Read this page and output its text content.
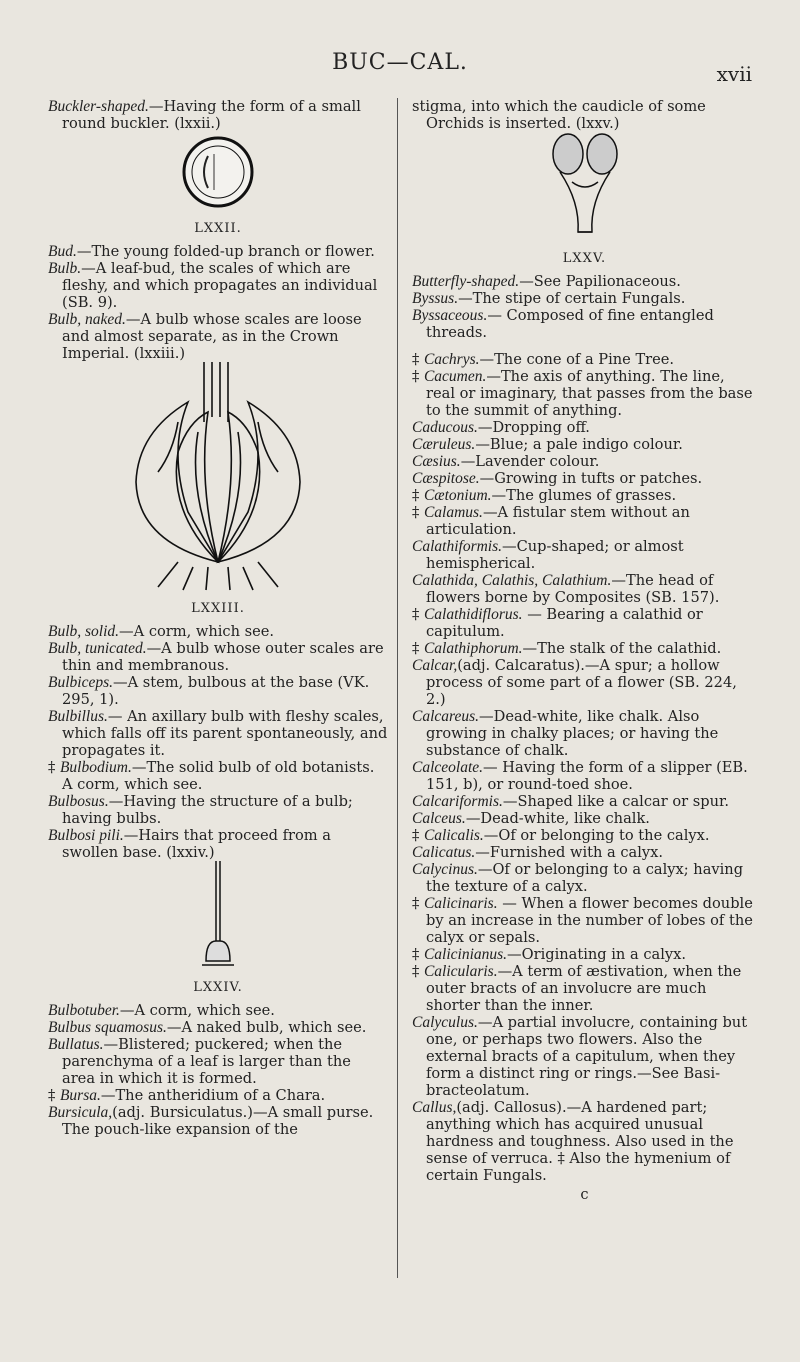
BUC—CAL.	xvii

Buckler-shaped.—Having the form of a small round buckler. (lxxii.)

LXXII.

Bud.—The young folded-up branch or flower.

Bulb.—A leaf-bud, the scales of which are fleshy, and which propagates an individual (SB. 9).

Bulb, naked.—A bulb whose scales are loose and almost separate, as in the Crown Imperial. (lxxiii.)

LXXIII.

Bulb, solid.—A corm, which see.

Bulb, tunicated.—A bulb whose outer scales are thin and membranous.

Bulbiceps.—A stem, bulbous at the base (VK. 295, 1).

Bulbillus.— An axillary bulb with fleshy scales, which falls off its parent spontaneously, and propagates it.

‡ Bulbodium.—The solid bulb of old botanists. A corm, which see.

Bulbosus.—Having the structure of a bulb; having bulbs.

Bulbosi pili.—Hairs that proceed from a swollen base. (lxxiv.)

LXXIV.

Bulbotuber.—A corm, which see.

Bulbus squamosus.—A naked bulb, which see.

Bullatus.—Blistered; puckered; when the parenchyma of a leaf is larger than the area in which it is formed.

‡ Bursa.—The antheridium of a Chara.

Bursicula,(adj. Bursiculatus.)—A small purse. The pouch-like expansion of the

stigma, into which the caudicle of some Orchids is inserted. (lxxv.)

LXXV.

Butterfly-shaped.—See Papilionaceous.

Byssus.—The stipe of certain Fungals.

Byssaceous.— Composed of fine entangled threads.

‡ Cachrys.—The cone of a Pine Tree.

‡ Cacumen.—The axis of anything. The line, real or imaginary, that passes from the base to the summit of anything.

Caducous.—Dropping off.

Cæruleus.—Blue; a pale indigo colour.

Cæsius.—Lavender colour.

Cæspitose.—Growing in tufts or patches.

‡ Cætonium.—The glumes of grasses.

‡ Calamus.—A fistular stem without an articulation.

Calathiformis.—Cup-shaped; or almost hemispherical.

Calathida, Calathis, Calathium.—The head of flowers borne by Composites (SB. 157).

‡ Calathidiflorus. — Bearing a calathid or capitulum.

‡ Calathiphorum.—The stalk of the calathid.

Calcar,(adj. Calcaratus).—A spur; a hollow process of some part of a flower (SB. 224, 2.)

Calcareus.—Dead-white, like chalk. Also growing in chalky places; or having the substance of chalk.

Calceolate.— Having the form of a slipper (EB. 151, b), or round-toed shoe.

Calcariformis.—Shaped like a calcar or spur.

Calceus.—Dead-white, like chalk.

‡ Calicalis.—Of or belonging to the calyx.

Calicatus.—Furnished with a calyx.

Calycinus.—Of or belonging to a calyx; having the texture of a calyx.

‡ Calicinaris. — When a flower becomes double by an increase in the number of lobes of the calyx or sepals.

‡ Calicinianus.—Originating in a calyx.

‡ Calicularis.—A term of æstivation, when the outer bracts of an involucre are much shorter than the inner.

Calyculus.—A partial involucre, containing but one, or perhaps two flowers. Also the external bracts of a capitulum, when they form a distinct ring or rings.—See Basi-bracteolatum.

Callus,(adj. Callosus).—A hardened part; anything which has acquired unusual hardness and toughness. Also used in the sense of verruca. ‡ Also the hymenium of certain Fungals.

c
